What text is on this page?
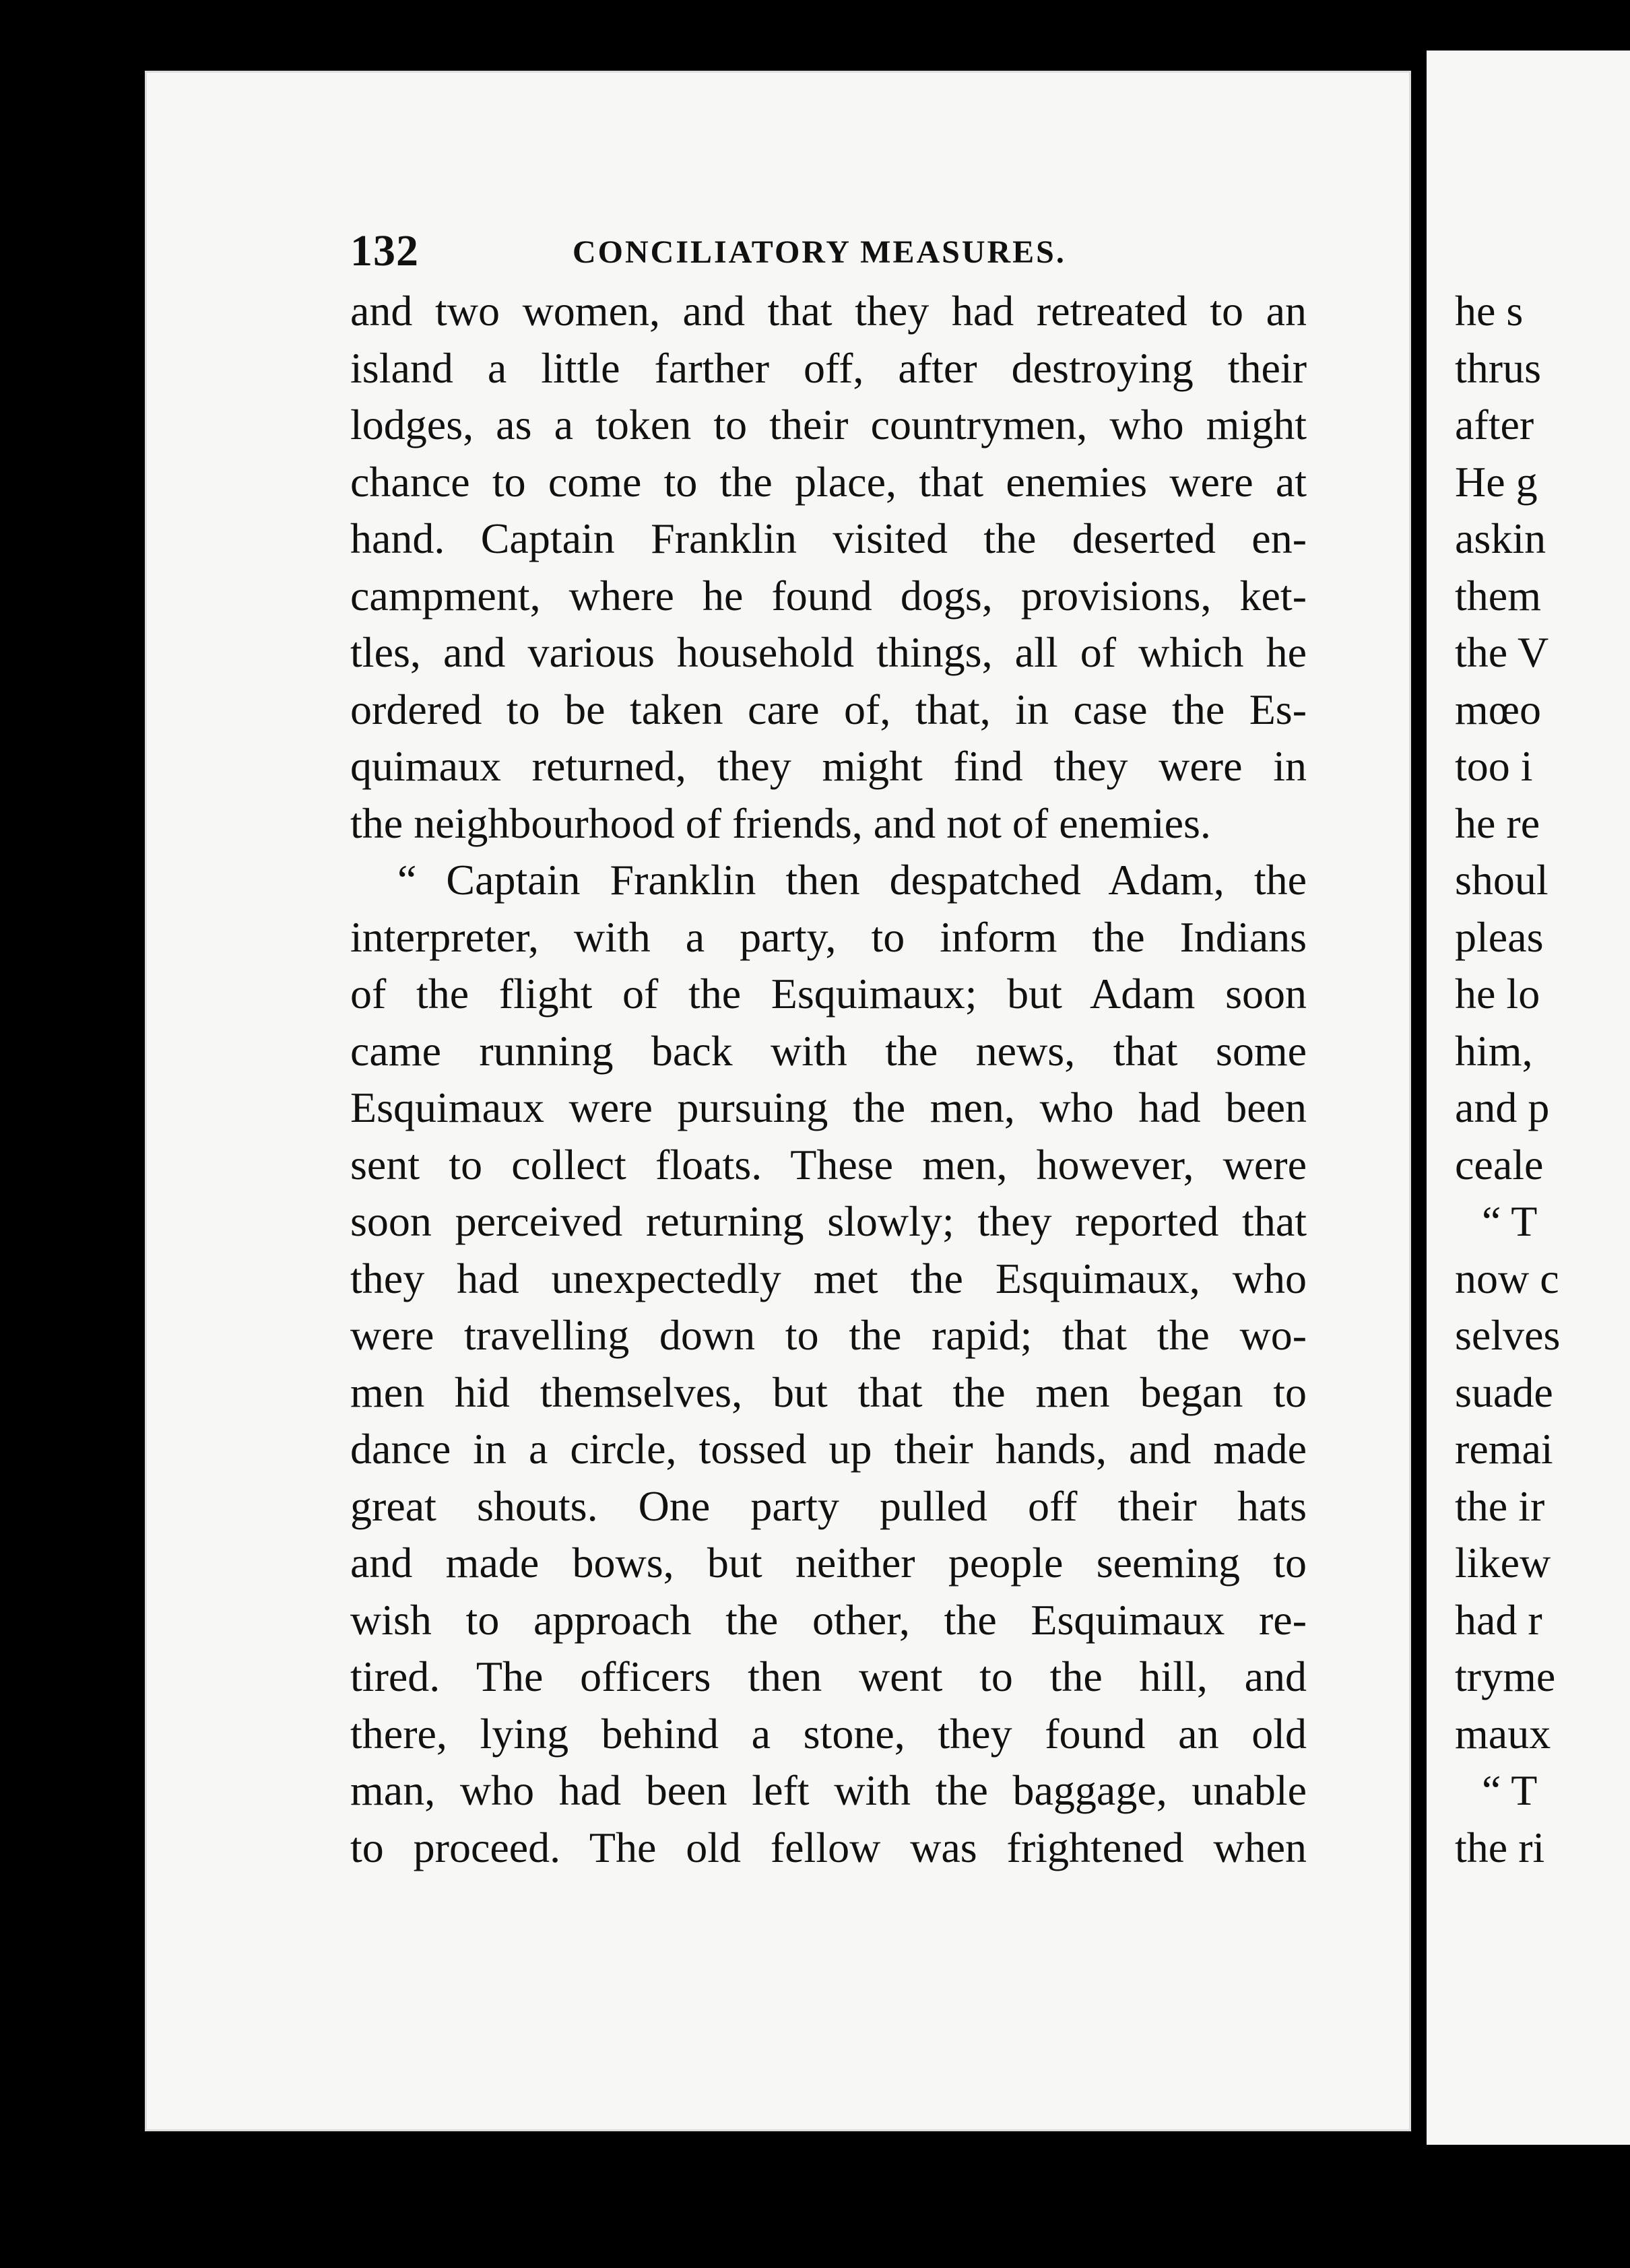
132	CONCILIATORY MEASURES.
and two women, and that they had retreated to an
island a little farther off, after destroying their
lodges, as a token to their countrymen, who might
chance to come to the place, that enemies were at
hand. Captain Franklin visited the deserted en-
campment, where he found dogs, provisions, ket-
tles, and various household things, all of which he
ordered to be taken care of, that, in case the Es-
quimaux returned, they might find they were in
the neighbourhood of friends, and not of enemies.
“ Captain Franklin then despatched Adam, the
interpreter, with a party, to inform the Indians
of the flight of the Esquimaux; but Adam soon
came running back with the news, that some
Esquimaux were pursuing the men, who had been
sent to collect floats. These men, however, were
soon perceived returning slowly; they reported that
they had unexpectedly met the Esquimaux, who
were travelling down to the rapid; that the wo-
men hid themselves, but that the men began to
dance in a circle, tossed up their hands, and made
great shouts. One party pulled off their hats
and made bows, but neither people seeming to
wish to approach the other, the Esquimaux re-
tired. The officers then went to the hill, and
there, lying behind a stone, they found an old
man, who had been left with the baggage, unable
to proceed. The old fellow was frightened when
he s
thrus
after
He g
askin
them
the V
mœo
too i
he re
shoul
pleas
he lo
him,
and p
ceale
“ T
now c
selves
suade
remai
the ir
likew
had r
tryme
maux
“ T
the ri
